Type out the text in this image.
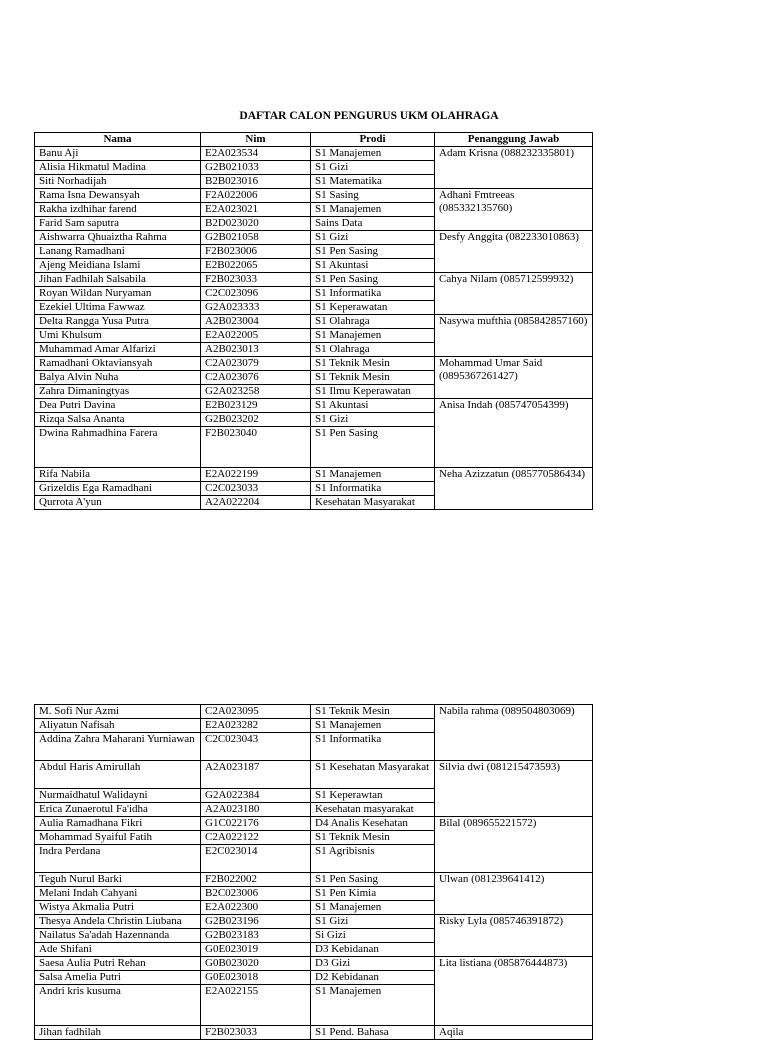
DAFTAR CALON PENGURUS UKM OLAHRAGA
Nama	Nim	Prodi	Penanggung Jawab
Banu Aji	E2A023534	S1 Manajemen	Adam Krisna (088232335801)
Alisia Hikmatul Madina	G2B021033	S1 Gizi	
Siti Norhadijah	B2B023016	S1 Matematika	
Rama Isna Dewansyah	F2A022006	S1 Sasing	Adhani Fmtreeas (085332135760)
Rakha izdhihar farend	E2A023021	S1 Manajemen	
Farid Sam saputra	B2D023020	Sains Data	
Aishwarra Qhuaiztha Rahma	G2B021058	S1 Gizi	Desfy Anggita (082233010863)
Lanang Ramadhani	F2B023006	S1 Pen Sasing	
Ajeng Meidiana Islami	E2B022065	S1 Akuntasi	
Jihan Fadhilah Salsabila	F2B023033	S1 Pen Sasing	Cahya Nilam (085712599932)
Royan Wildan Nuryaman	C2C023096	S1 Informatika	
Ezekiel Ultima Fawwaz	G2A023333	S1 Keperawatan	
Delta Rangga Yusa Putra	A2B023004	S1 Olahraga	Nasywa mufthia (085842857160)
Umi Khulsum	E2A022005	S1 Manajemen	
Muhammad Amar Alfarizi	A2B023013	S1 Olahraga	
Ramadhani Oktaviansyah	C2A023079	S1 Teknik Mesin	Mohammad Umar Said (0895367261427)
Balya Alvin Nuha	C2A023076	S1 Teknik Mesin	
Zahra Dimaningtyas	G2A023258	S1 Ilmu Keperawatan	
Dea Putri Davina	E2B023129	S1 Akuntasi	Anisa Indah (085747054399)
Rizqa Salsa Ananta	G2B023202	S1 Gizi	
Dwina Rahmadhina Farera	F2B023040	S1 Pen Sasing	
Rifa Nabila	E2A022199	S1 Manajemen	Neha Azizzatun (085770586434)
Grizeldis Ega Ramadhani	C2C023033	S1 Informatika	
Qurrota A'yun	A2A022204	Kesehatan Masyarakat	
M. Sofi Nur Azmi	C2A023095	S1 Teknik Mesin	Nabila rahma (089504803069)
Aliyatun Nafisah	E2A023282	S1 Manajemen	
Addina Zahra Maharani Yurniawan	C2C023043	S1 Informatika	
Abdul Haris Amirullah	A2A023187	S1 Kesehatan Masyarakat	Silvia dwi (081215473593)
Nurmaidhatul Walidayni	G2A022384	S1 Keperawtan	
Erica Zunaerotul Fa'idha	A2A023180	Kesehatan masyarakat	
Aulia Ramadhana Fikri	G1C022176	D4 Analis Kesehatan	Bilal (089655221572)
Mohammad Syaiful Fatih	C2A022122	S1 Teknik Mesin	
Indra Perdana	E2C023014	S1 Agribisnis	
Teguh Nurul Barki	F2B022002	S1 Pen Sasing	Ulwan (081239641412)
Melani Indah Cahyani	B2C023006	S1 Pen Kimia	
Wistya Akmalia Putri	E2A022300	S1 Manajemen	
Thesya Andela Christin Liubana	G2B023196	S1 Gizi	Risky Lyla (085746391872)
Nailatus Sa'adah Hazennanda	G2B023183	Si Gizi	
Ade Shifani	G0E023019	D3 Kebidanan	
Saesa Aulia Putri Rehan	G0B023020	D3 Gizi	Lita listiana (085876444873)
Salsa Amelia Putri	G0E023018	D2 Kebidanan	
Andri kris kusuma	E2A022155	S1 Manajemen	
Jihan fadhilah	F2B023033	S1 Pend. Bahasa	Aqila
